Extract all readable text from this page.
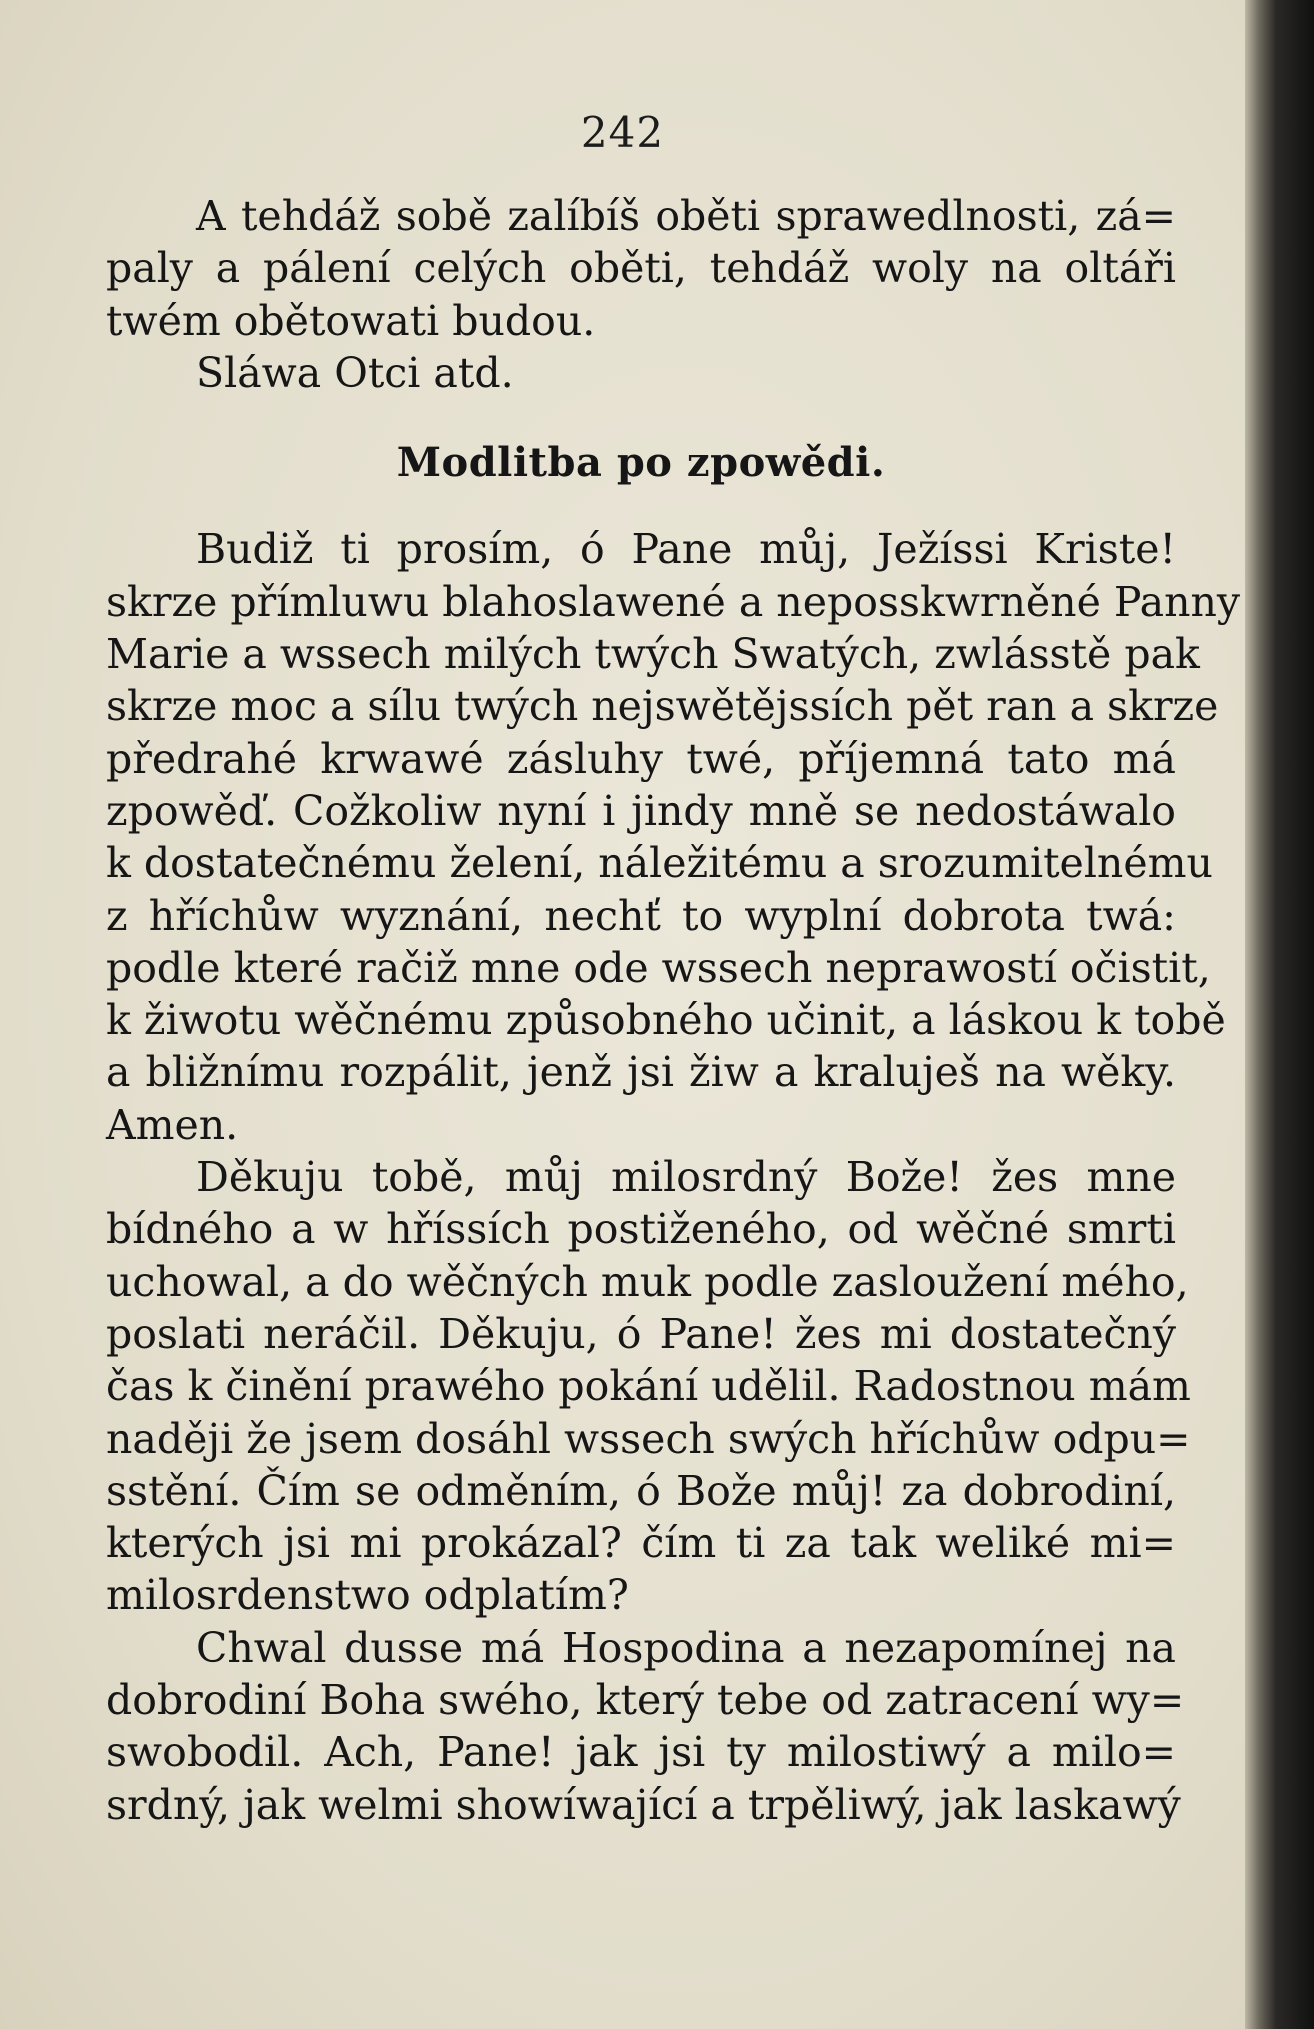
242

A tehdáž sobě zalíbíš oběti sprawedlnosti, zá=
paly a pálení celých oběti, tehdáž woly na oltáři
twém obětowati budou.

Sláwa Otci atd.

Modlitba po zpowědi.

Budiž ti prosím, ó Pane můj, Ježíssi Kriste!
skrze přímluwu blahoslawené a neposskwrněné Panny
Marie a wssech milých twých Swatých, zwlásstě pak
skrze moc a sílu twých nejswětějssích pět ran a skrze
předrahé krwawé zásluhy twé, příjemná tato má
zpowěď. Cožkoliw nyní i jindy mně se nedostáwalo
k dostatečnému želení, náležitému a srozumitelnému
z hříchůw wyznání, nechť to wyplní dobrota twá:
podle které račiž mne ode wssech neprawostí očistit,
k žiwotu wěčnému způsobného učinit, a láskou k tobě
a bližnímu rozpálit, jenž jsi žiw a kraluješ na wěky.
Amen.

Děkuju tobě, můj milosrdný Bože! žes mne
bídného a w hříssích postiženého, od wěčné smrti
uchowal, a do wěčných muk podle zasloužení mého,
poslati neráčil. Děkuju, ó Pane! žes mi dostatečný
čas k činění prawého pokání udělil. Radostnou mám
naději že jsem dosáhl wssech swých hříchůw odpu=
sstění. Čím se odměním, ó Bože můj! za dobrodiní,
kterých jsi mi prokázal? čím ti za tak weliké mi=
milosrdenstwo odplatím?

Chwal dusse má Hospodina a nezapomínej na
dobrodiní Boha swého, který tebe od zatracení wy=
swobodil. Ach, Pane! jak jsi ty milostiwý a milo=
srdný, jak welmi showíwající a trpěliwý, jak laskawý
